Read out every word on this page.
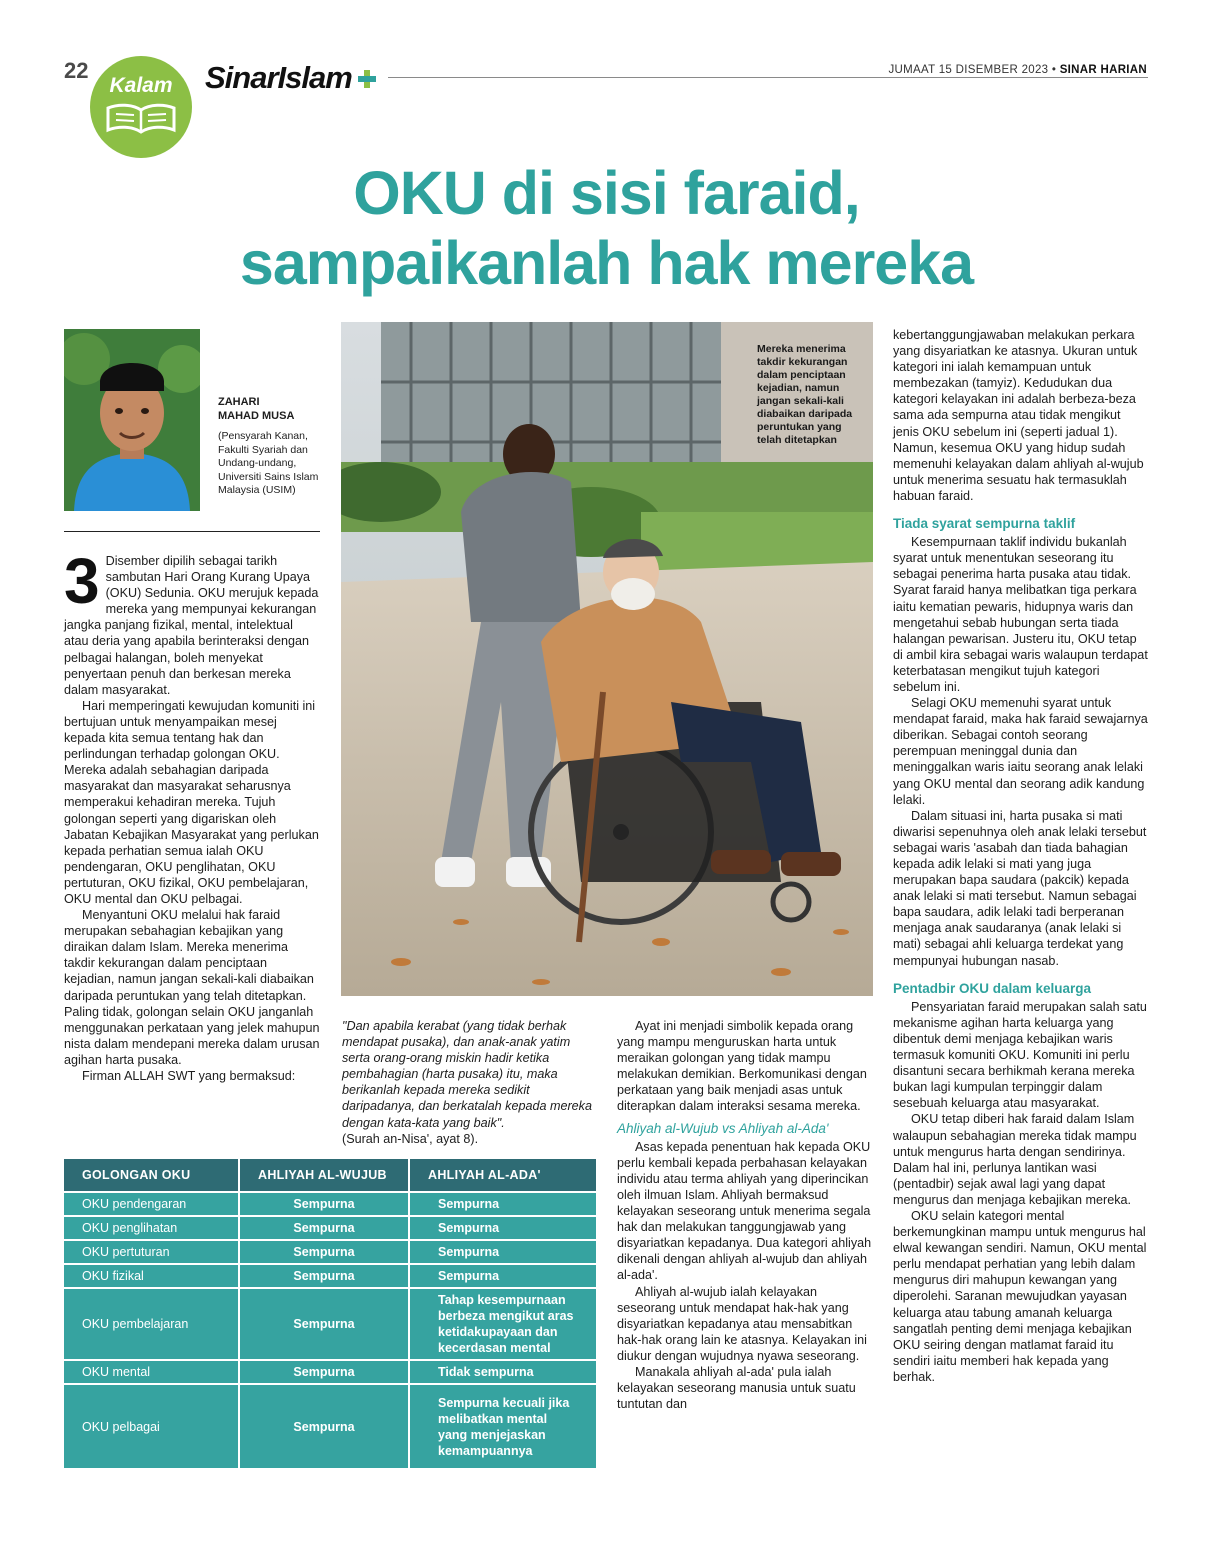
22
Kalam	SinarIslam	JUMAAT 15 DISEMBER 2023 • SINAR HARIAN
OKU di sisi faraid,
sampaikanlah hak mereka
ZAHARI
MAHAD MUSA
(Pensyarah Kanan, Fakulti Syariah dan Undang-undang, Universiti Sains Islam Malaysia (USIM)

3 Disember dipilih sebagai tarikh sambutan Hari Orang Kurang Upaya (OKU) Sedunia. OKU merujuk kepada mereka yang mempunyai kekurangan jangka panjang fizikal, mental, intelektual atau deria yang apabila berinteraksi dengan pelbagai halangan, boleh menyekat penyertaan penuh dan berkesan mereka dalam masyarakat.

Hari memperingati kewujudan komuniti ini bertujuan untuk menyampaikan mesej kepada kita semua tentang hak dan perlindungan terhadap golongan OKU. Mereka adalah sebahagian daripada masyarakat dan masyarakat seharusnya memperakui kehadiran mereka. Tujuh golongan seperti yang digariskan oleh Jabatan Kebajikan Masyarakat yang perlukan kepada perhatian semua ialah OKU pendengaran, OKU penglihatan, OKU pertuturan, OKU fizikal, OKU pembelajaran, OKU mental dan OKU pelbagai.

Menyantuni OKU melalui hak faraid merupakan sebahagian kebajikan yang diraikan dalam Islam. Mereka menerima takdir kekurangan dalam penciptaan kejadian, namun jangan sekali-kali diabaikan daripada peruntukan yang telah ditetapkan. Paling tidak, golongan selain OKU janganlah menggunakan perkataan yang jelek mahupun nista dalam mendepani mereka dalam urusan agihan harta pusaka.

Firman ALLAH SWT yang bermaksud:

Mereka menerima takdir kekurangan dalam penciptaan kejadian, namun jangan sekali-kali diabaikan daripada peruntukan yang telah ditetapkan

"Dan apabila kerabat (yang tidak berhak mendapat pusaka), dan anak-anak yatim serta orang-orang miskin hadir ketika pembahagian (harta pusaka) itu, maka berikanlah kepada mereka sedikit daripadanya, dan berkatalah kepada mereka dengan kata-kata yang baik".

(Surah an-Nisa', ayat 8).

Ayat ini menjadi simbolik kepada orang yang mampu menguruskan harta untuk meraikan golongan yang tidak mampu melakukan demikian. Berkomunikasi dengan perkataan yang baik menjadi asas untuk diterapkan dalam interaksi sesama mereka.

Ahliyah al-Wujub vs Ahliyah al-Ada'

Asas kepada penentuan hak kepada OKU perlu kembali kepada perbahasan kelayakan individu atau terma ahliyah yang diperincikan oleh ilmuan Islam. Ahliyah bermaksud kelayakan seseorang untuk menerima segala hak dan melakukan tanggungjawab yang disyariatkan kepadanya. Dua kategori ahliyah dikenali dengan ahliyah al-wujub dan ahliyah al-ada'.

Ahliyah al-wujub ialah kelayakan seseorang untuk mendapat hak-hak yang disyariatkan kepadanya atau mensabitkan hak-hak orang lain ke atasnya. Kelayakan ini diukur dengan wujudnya nyawa seseorang.

Manakala ahliyah al-ada' pula ialah kelayakan seseorang manusia untuk suatu tuntutan dan

kebertanggungjawaban melakukan perkara yang disyariatkan ke atasnya. Ukuran untuk kategori ini ialah kemampuan untuk membezakan (tamyiz). Kedudukan dua kategori kelayakan ini adalah berbeza-beza sama ada sempurna atau tidak mengikut jenis OKU sebelum ini (seperti jadual 1). Namun, kesemua OKU yang hidup sudah memenuhi kelayakan dalam ahliyah al-wujub untuk menerima sesuatu hak termasuklah habuan faraid.

Tiada syarat sempurna taklif

Kesempurnaan taklif individu bukanlah syarat untuk menentukan seseorang itu sebagai penerima harta pusaka atau tidak. Syarat faraid hanya melibatkan tiga perkara iaitu kematian pewaris, hidupnya waris dan mengetahui sebab hubungan serta tiada halangan pewarisan. Justeru itu, OKU tetap di ambil kira sebagai waris walaupun terdapat keterbatasan mengikut tujuh kategori sebelum ini.

Selagi OKU memenuhi syarat untuk mendapat faraid, maka hak faraid sewajarnya diberikan. Sebagai contoh seorang perempuan meninggal dunia dan meninggalkan waris iaitu seorang anak lelaki yang OKU mental dan seorang adik kandung lelaki.

Dalam situasi ini, harta pusaka si mati diwarisi sepenuhnya oleh anak lelaki tersebut sebagai waris 'asabah dan tiada bahagian kepada adik lelaki si mati yang juga merupakan bapa saudara (pakcik) kepada anak lelaki si mati tersebut. Namun sebagai bapa saudara, adik lelaki tadi berperanan menjaga anak saudaranya (anak lelaki si mati) sebagai ahli keluarga terdekat yang mempunyai hubungan nasab.

Pentadbir OKU dalam keluarga

Pensyariatan faraid merupakan salah satu mekanisme agihan harta keluarga yang dibentuk demi menjaga kebajikan waris termasuk komuniti OKU. Komuniti ini perlu disantuni secara berhikmah kerana mereka bukan lagi kumpulan terpinggir dalam sesebuah keluarga atau masyarakat.

OKU tetap diberi hak faraid dalam Islam walaupun sebahagian mereka tidak mampu untuk mengurus harta dengan sendirinya. Dalam hal ini, perlunya lantikan wasi (pentadbir) sejak awal lagi yang dapat mengurus dan menjaga kebajikan mereka.

OKU selain kategori mental berkemungkinan mampu untuk mengurus hal elwal kewangan sendiri. Namun, OKU mental perlu mendapat perhatian yang lebih dalam mengurus diri mahupun kewangan yang diperolehi. Saranan mewujudkan yayasan keluarga atau tabung amanah keluarga sangatlah penting demi menjaga kebajikan OKU seiring dengan matlamat faraid itu sendiri iaitu memberi hak kepada yang berhak.

GOLONGAN OKU	AHLIYAH AL-WUJUB	AHLIYAH AL-ADA'
OKU pendengaran	Sempurna	Sempurna
OKU penglihatan	Sempurna	Sempurna
OKU pertuturan	Sempurna	Sempurna
OKU fizikal	Sempurna	Sempurna
OKU pembelajaran	Sempurna	Tahap kesempurnaan berbeza mengikut aras ketidakupayaan dan kecerdasan mental
OKU mental	Sempurna	Tidak sempurna
OKU pelbagai	Sempurna	Sempurna kecuali jika melibatkan mental yang menjejaskan kemampuannya
